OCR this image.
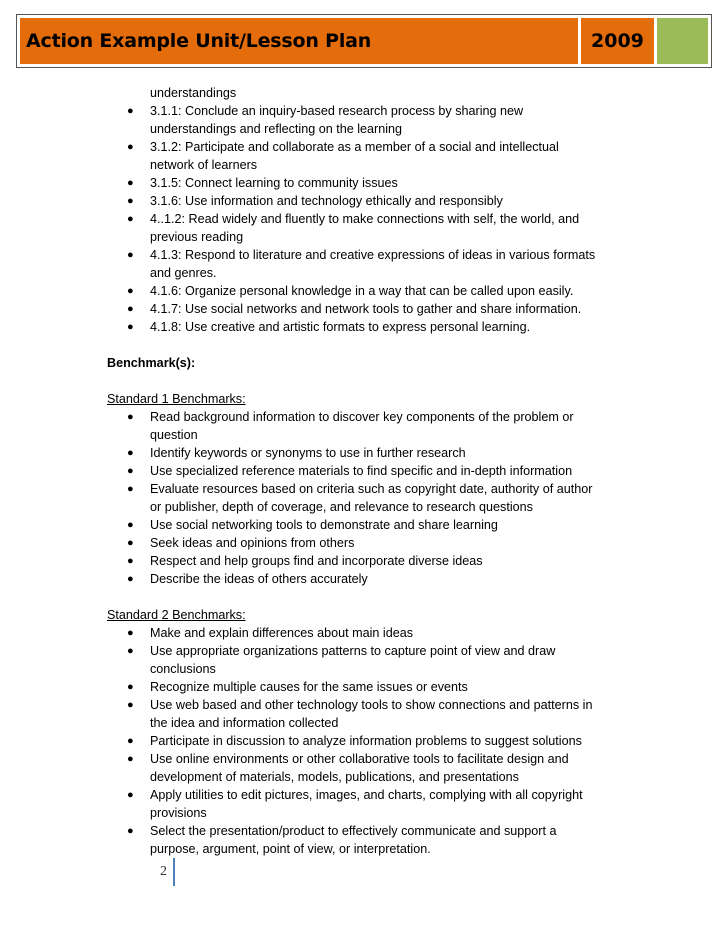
Action Example Unit/Lesson Plan	2009
understandings
● 3.1.1: Conclude an inquiry-based research process by sharing new
understandings and reflecting on the learning
● 3.1.2: Participate and collaborate as a member of a social and intellectual
network of learners
● 3.1.5: Connect learning to community issues
● 3.1.6: Use information and technology ethically and responsibly
● 4..1.2: Read widely and fluently to make connections with self, the world, and
previous reading
● 4.1.3: Respond to literature and creative expressions of ideas in various formats
and genres.
● 4.1.6: Organize personal knowledge in a way that can be called upon easily.
● 4.1.7: Use social networks and network tools to gather and share information.
● 4.1.8: Use creative and artistic formats to express personal learning.
Benchmark(s):
Standard 1 Benchmarks:
● Read background information to discover key components of the problem or
question
● Identify keywords or synonyms to use in further research
● Use specialized reference materials to find specific and in-depth information
● Evaluate resources based on criteria such as copyright date, authority of author
or publisher, depth of coverage, and relevance to research questions
● Use social networking tools to demonstrate and share learning
● Seek ideas and opinions from others
● Respect and help groups find and incorporate diverse ideas
● Describe the ideas of others accurately
Standard 2 Benchmarks:
● Make and explain differences about main ideas
● Use appropriate organizations patterns to capture point of view and draw
conclusions
● Recognize multiple causes for the same issues or events
● Use web based and other technology tools to show connections and patterns in
the idea and information collected
● Participate in discussion to analyze information problems to suggest solutions
● Use online environments or other collaborative tools to facilitate design and
development of materials, models, publications, and presentations
● Apply utilities to edit pictures, images, and charts, complying with all copyright
provisions
● Select the presentation/product to effectively communicate and support a
purpose, argument, point of view, or interpretation.
2
